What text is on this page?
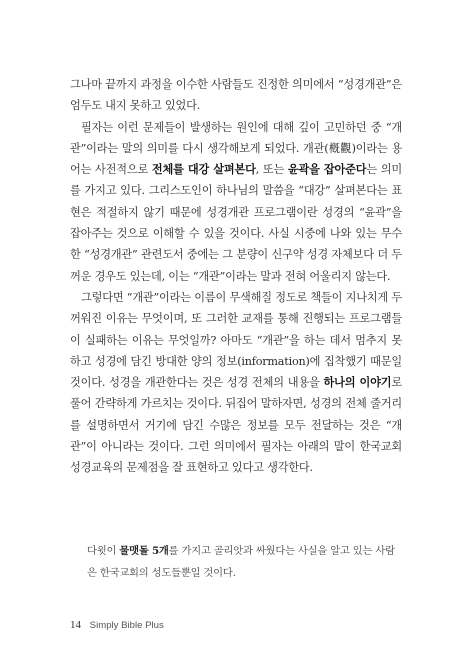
그나마 끝까지 과정을 이수한 사람들도 진정한 의미에서 “성경개관”은 엄두도 내지 못하고 있었다.

필자는 이런 문제들이 발생하는 원인에 대해 깊이 고민하던 중 “개관”이라는 말의 의미를 다시 생각해보게 되었다. 개관(槪觀)이라는 용어는 사전적으로 전체를 대강 살펴본다, 또는 윤곽을 잡아준다는 의미를 가지고 있다. 그리스도인이 하나님의 말씀을 “대강” 살펴본다는 표현은 적절하지 않기 때문에 성경개관 프로그램이란 성경의 “윤곽”을 잡아주는 것으로 이해할 수 있을 것이다. 사실 시중에 나와 있는 무수한 “성경개관” 관련도서 중에는 그 분량이 신구약 성경 자체보다 더 두꺼운 경우도 있는데, 이는 “개관”이라는 말과 전혀 어울리지 않는다.

그렇다면 “개관”이라는 이름이 무색해질 정도로 책들이 지나치게 두꺼워진 이유는 무엇이며, 또 그러한 교재를 통해 진행되는 프로그램들이 실패하는 이유는 무엇일까? 아마도 “개관”을 하는 데서 멈추지 못하고 성경에 담긴 방대한 양의 정보(information)에 집착했기 때문일 것이다. 성경을 개관한다는 것은 성경 전체의 내용을 하나의 이야기로 풀어 간략하게 가르치는 것이다. 뒤집어 말하자면, 성경의 전체 줄거리를 설명하면서 거기에 담긴 수많은 정보를 모두 전달하는 것은 “개관”이 아니라는 것이다. 그런 의미에서 필자는 아래의 말이 한국교회 성경교육의 문제점을 잘 표현하고 있다고 생각한다.

다윗이 물맷돌 5개를 가지고 골리앗과 싸웠다는 사실을 알고 있는 사람은 한국교회의 성도들뿐일 것이다.

14 Simply Bible Plus
